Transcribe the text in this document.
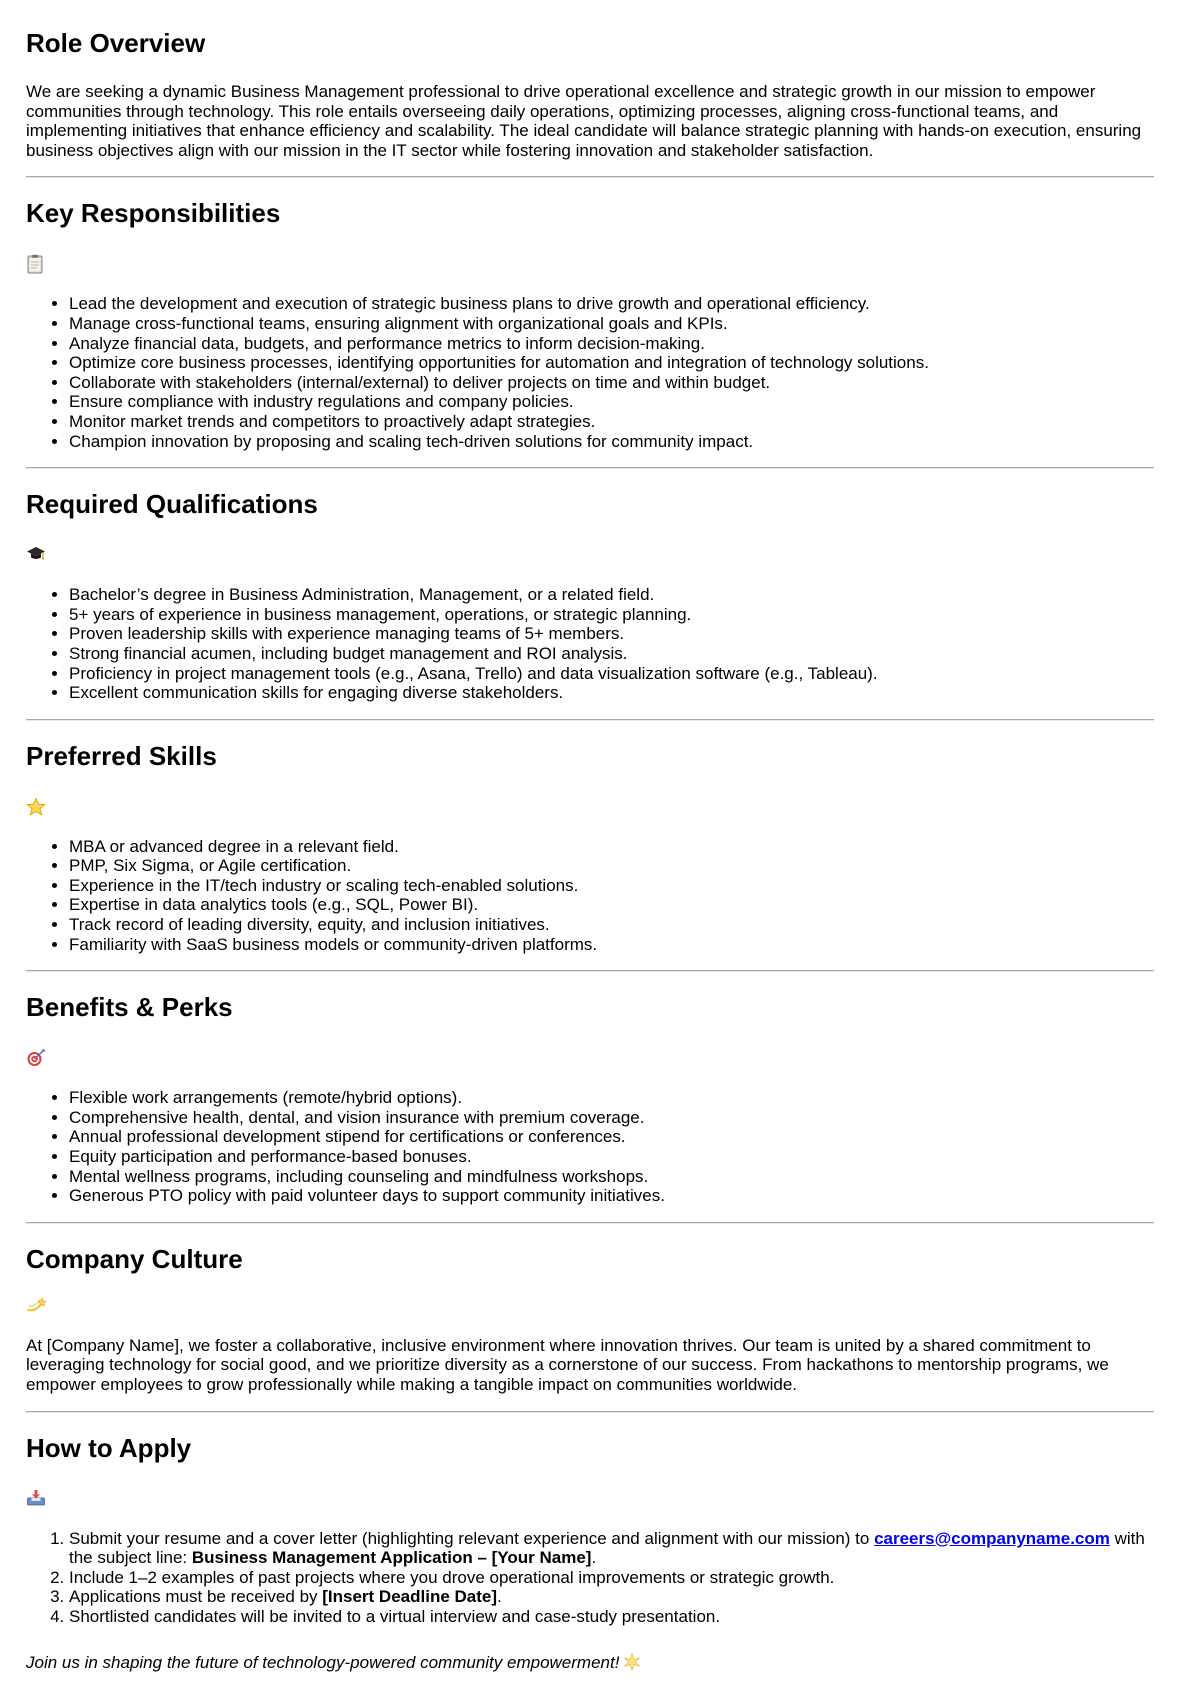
Role Overview

We are seeking a dynamic Business Management professional to drive operational excellence and strategic growth in our mission to empower communities through technology. This role entails overseeing daily operations, optimizing processes, aligning cross-functional teams, and implementing initiatives that enhance efficiency and scalability. The ideal candidate will balance strategic planning with hands-on execution, ensuring business objectives align with our mission in the IT sector while fostering innovation and stakeholder satisfaction.

Key Responsibilities
• Lead the development and execution of strategic business plans to drive growth and operational efficiency.
• Manage cross-functional teams, ensuring alignment with organizational goals and KPIs.
• Analyze financial data, budgets, and performance metrics to inform decision-making.
• Optimize core business processes, identifying opportunities for automation and integration of technology solutions.
• Collaborate with stakeholders (internal/external) to deliver projects on time and within budget.
• Ensure compliance with industry regulations and company policies.
• Monitor market trends and competitors to proactively adapt strategies.
• Champion innovation by proposing and scaling tech-driven solutions for community impact.
Required Qualifications
• Bachelor’s degree in Business Administration, Management, or a related field.
• 5+ years of experience in business management, operations, or strategic planning.
• Proven leadership skills with experience managing teams of 5+ members.
• Strong financial acumen, including budget management and ROI analysis.
• Proficiency in project management tools (e.g., Asana, Trello) and data visualization software (e.g., Tableau).
• Excellent communication skills for engaging diverse stakeholders.
Preferred Skills
• MBA or advanced degree in a relevant field.
• PMP, Six Sigma, or Agile certification.
• Experience in the IT/tech industry or scaling tech-enabled solutions.
• Expertise in data analytics tools (e.g., SQL, Power BI).
• Track record of leading diversity, equity, and inclusion initiatives.
• Familiarity with SaaS business models or community-driven platforms.
Benefits & Perks
• Flexible work arrangements (remote/hybrid options).
• Comprehensive health, dental, and vision insurance with premium coverage.
• Annual professional development stipend for certifications or conferences.
• Equity participation and performance-based bonuses.
• Mental wellness programs, including counseling and mindfulness workshops.
• Generous PTO policy with paid volunteer days to support community initiatives.
Company Culture

At [Company Name], we foster a collaborative, inclusive environment where innovation thrives. Our team is united by a shared commitment to leveraging technology for social good, and we prioritize diversity as a cornerstone of our success. From hackathons to mentorship programs, we empower employees to grow professionally while making a tangible impact on communities worldwide.

How to Apply
1. Submit your resume and a cover letter (highlighting relevant experience and alignment with our mission) to careers@companyname.com with the subject line: Business Management Application – [Your Name].
2. Include 1–2 examples of past projects where you drove operational improvements or strategic growth.
3. Applications must be received by [Insert Deadline Date].
4. Shortlisted candidates will be invited to a virtual interview and case-study presentation.

Join us in shaping the future of technology-powered community empowerment!
